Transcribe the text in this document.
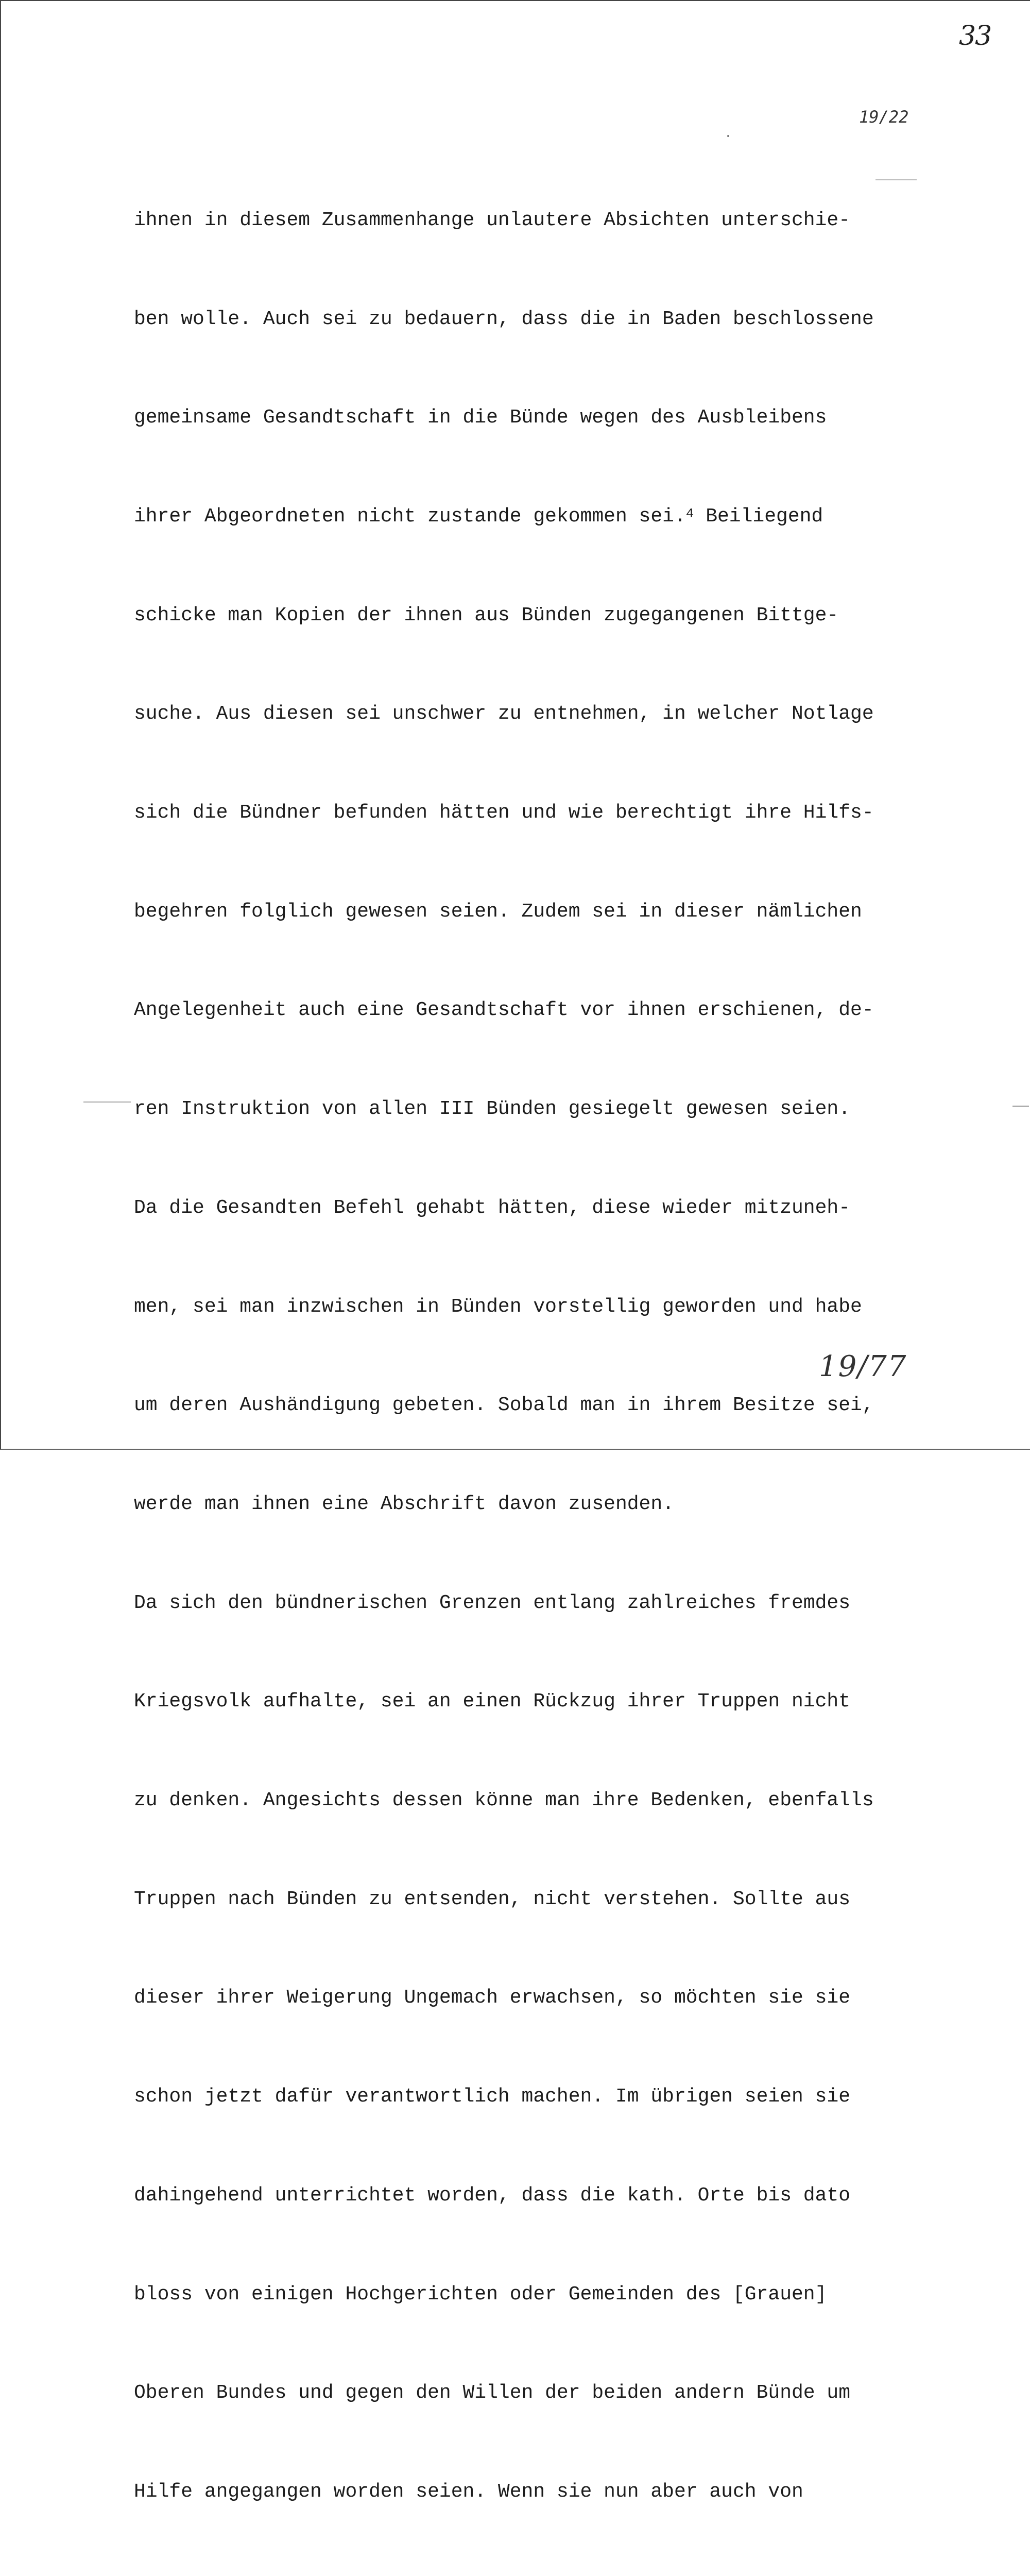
33
19/22

ihnen in diesem Zusammenhange unlautere Absichten unterschie-

ben wolle. Auch sei zu bedauern, dass die in Baden beschlossene

gemeinsame Gesandtschaft in die Bünde wegen des Ausbleibens

ihrer Abgeordneten nicht zustande gekommen sei.$^4$ Beiliegend

schicke man Kopien der ihnen aus Bünden zugegangenen Bittge-

suche. Aus diesen sei unschwer zu entnehmen, in welcher Notlage

sich die Bündner befunden hätten und wie berechtigt ihre Hilfs-

begehren folglich gewesen seien. Zudem sei in dieser nämlichen

Angelegenheit auch eine Gesandtschaft vor ihnen erschienen, de-

ren Instruktion von allen III Bünden gesiegelt gewesen seien.

Da die Gesandten Befehl gehabt hätten, diese wieder mitzuneh-

men, sei man inzwischen in Bünden vorstellig geworden und habe

um deren Aushändigung gebeten. Sobald man in ihrem Besitze sei,

werde man ihnen eine Abschrift davon zusenden.

Da sich den bündnerischen Grenzen entlang zahlreiches fremdes

Kriegsvolk aufhalte, sei an einen Rückzug ihrer Truppen nicht

zu denken. Angesichts dessen könne man ihre Bedenken, ebenfalls

Truppen nach Bünden zu entsenden, nicht verstehen. Sollte aus

dieser ihrer Weigerung Ungemach erwachsen, so möchten sie sie

schon jetzt dafür verantwortlich machen. Im übrigen seien sie

dahingehend unterrichtet worden, dass die kath. Orte bis dato

bloss von einigen Hochgerichten oder Gemeinden des [Grauen]

Oberen Bundes und gegen den Willen der beiden andern Bünde um

Hilfe angegangen worden seien. Wenn sie nun aber auch von

19/77
